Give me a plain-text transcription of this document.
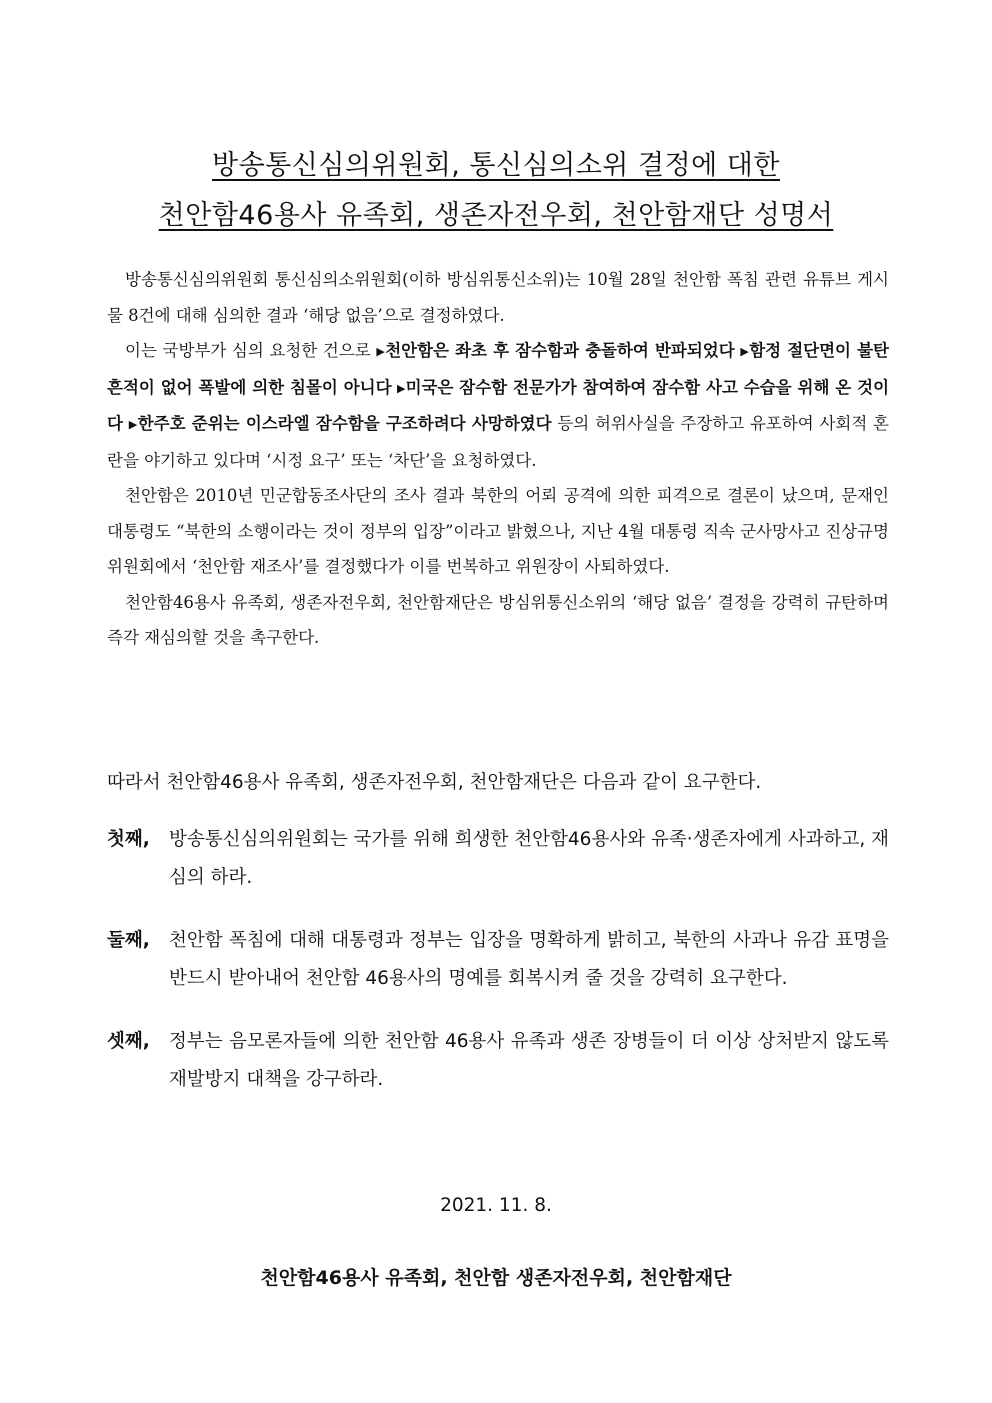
방송통신심의위원회, 통신심의소위 결정에 대한
천안함46용사 유족회, 생존자전우회, 천안함재단 성명서

방송통신심의위원회 통신심의소위원회(이하 방심위통신소위)는 10월 28일 천안함 폭침 관련 유튜브 게시물 8건에 대해 심의한 결과 ‘해당 없음’으로 결정하였다.

이는 국방부가 심의 요청한 건으로 ▶천안함은 좌초 후 잠수함과 충돌하여 반파되었다 ▶함정 절단면이 불탄 흔적이 없어 폭발에 의한 침몰이 아니다 ▶미국은 잠수함 전문가가 참여하여 잠수함 사고 수습을 위해 온 것이다 ▶한주호 준위는 이스라엘 잠수함을 구조하려다 사망하였다 등의 허위사실을 주장하고 유포하여 사회적 혼란을 야기하고 있다며 ‘시정 요구’ 또는 ‘차단’을 요청하였다.

천안함은 2010년 민군합동조사단의 조사 결과 북한의 어뢰 공격에 의한 피격으로 결론이 났으며, 문재인 대통령도 “북한의 소행이라는 것이 정부의 입장”이라고 밝혔으나, 지난 4월 대통령 직속 군사망사고 진상규명위원회에서 ‘천안함 재조사’를 결정했다가 이를 번복하고 위원장이 사퇴하였다.

천안함46용사 유족회, 생존자전우회, 천안함재단은 방심위통신소위의 ‘해당 없음’ 결정을 강력히 규탄하며 즉각 재심의할 것을 촉구한다.

따라서 천안함46용사 유족회, 생존자전우회, 천안함재단은 다음과 같이 요구한다.

첫째, 방송통신심의위원회는 국가를 위해 희생한 천안함46용사와 유족·생존자에게 사과하고, 재심의 하라.

둘째, 천안함 폭침에 대해 대통령과 정부는 입장을 명확하게 밝히고, 북한의 사과나 유감 표명을 반드시 받아내어 천안함 46용사의 명예를 회복시켜 줄 것을 강력히 요구한다.

셋째, 정부는 음모론자들에 의한 천안함 46용사 유족과 생존 장병들이 더 이상 상처받지 않도록 재발방지 대책을 강구하라.

2021. 11. 8.
천안함46용사 유족회, 천안함 생존자전우회, 천안함재단
